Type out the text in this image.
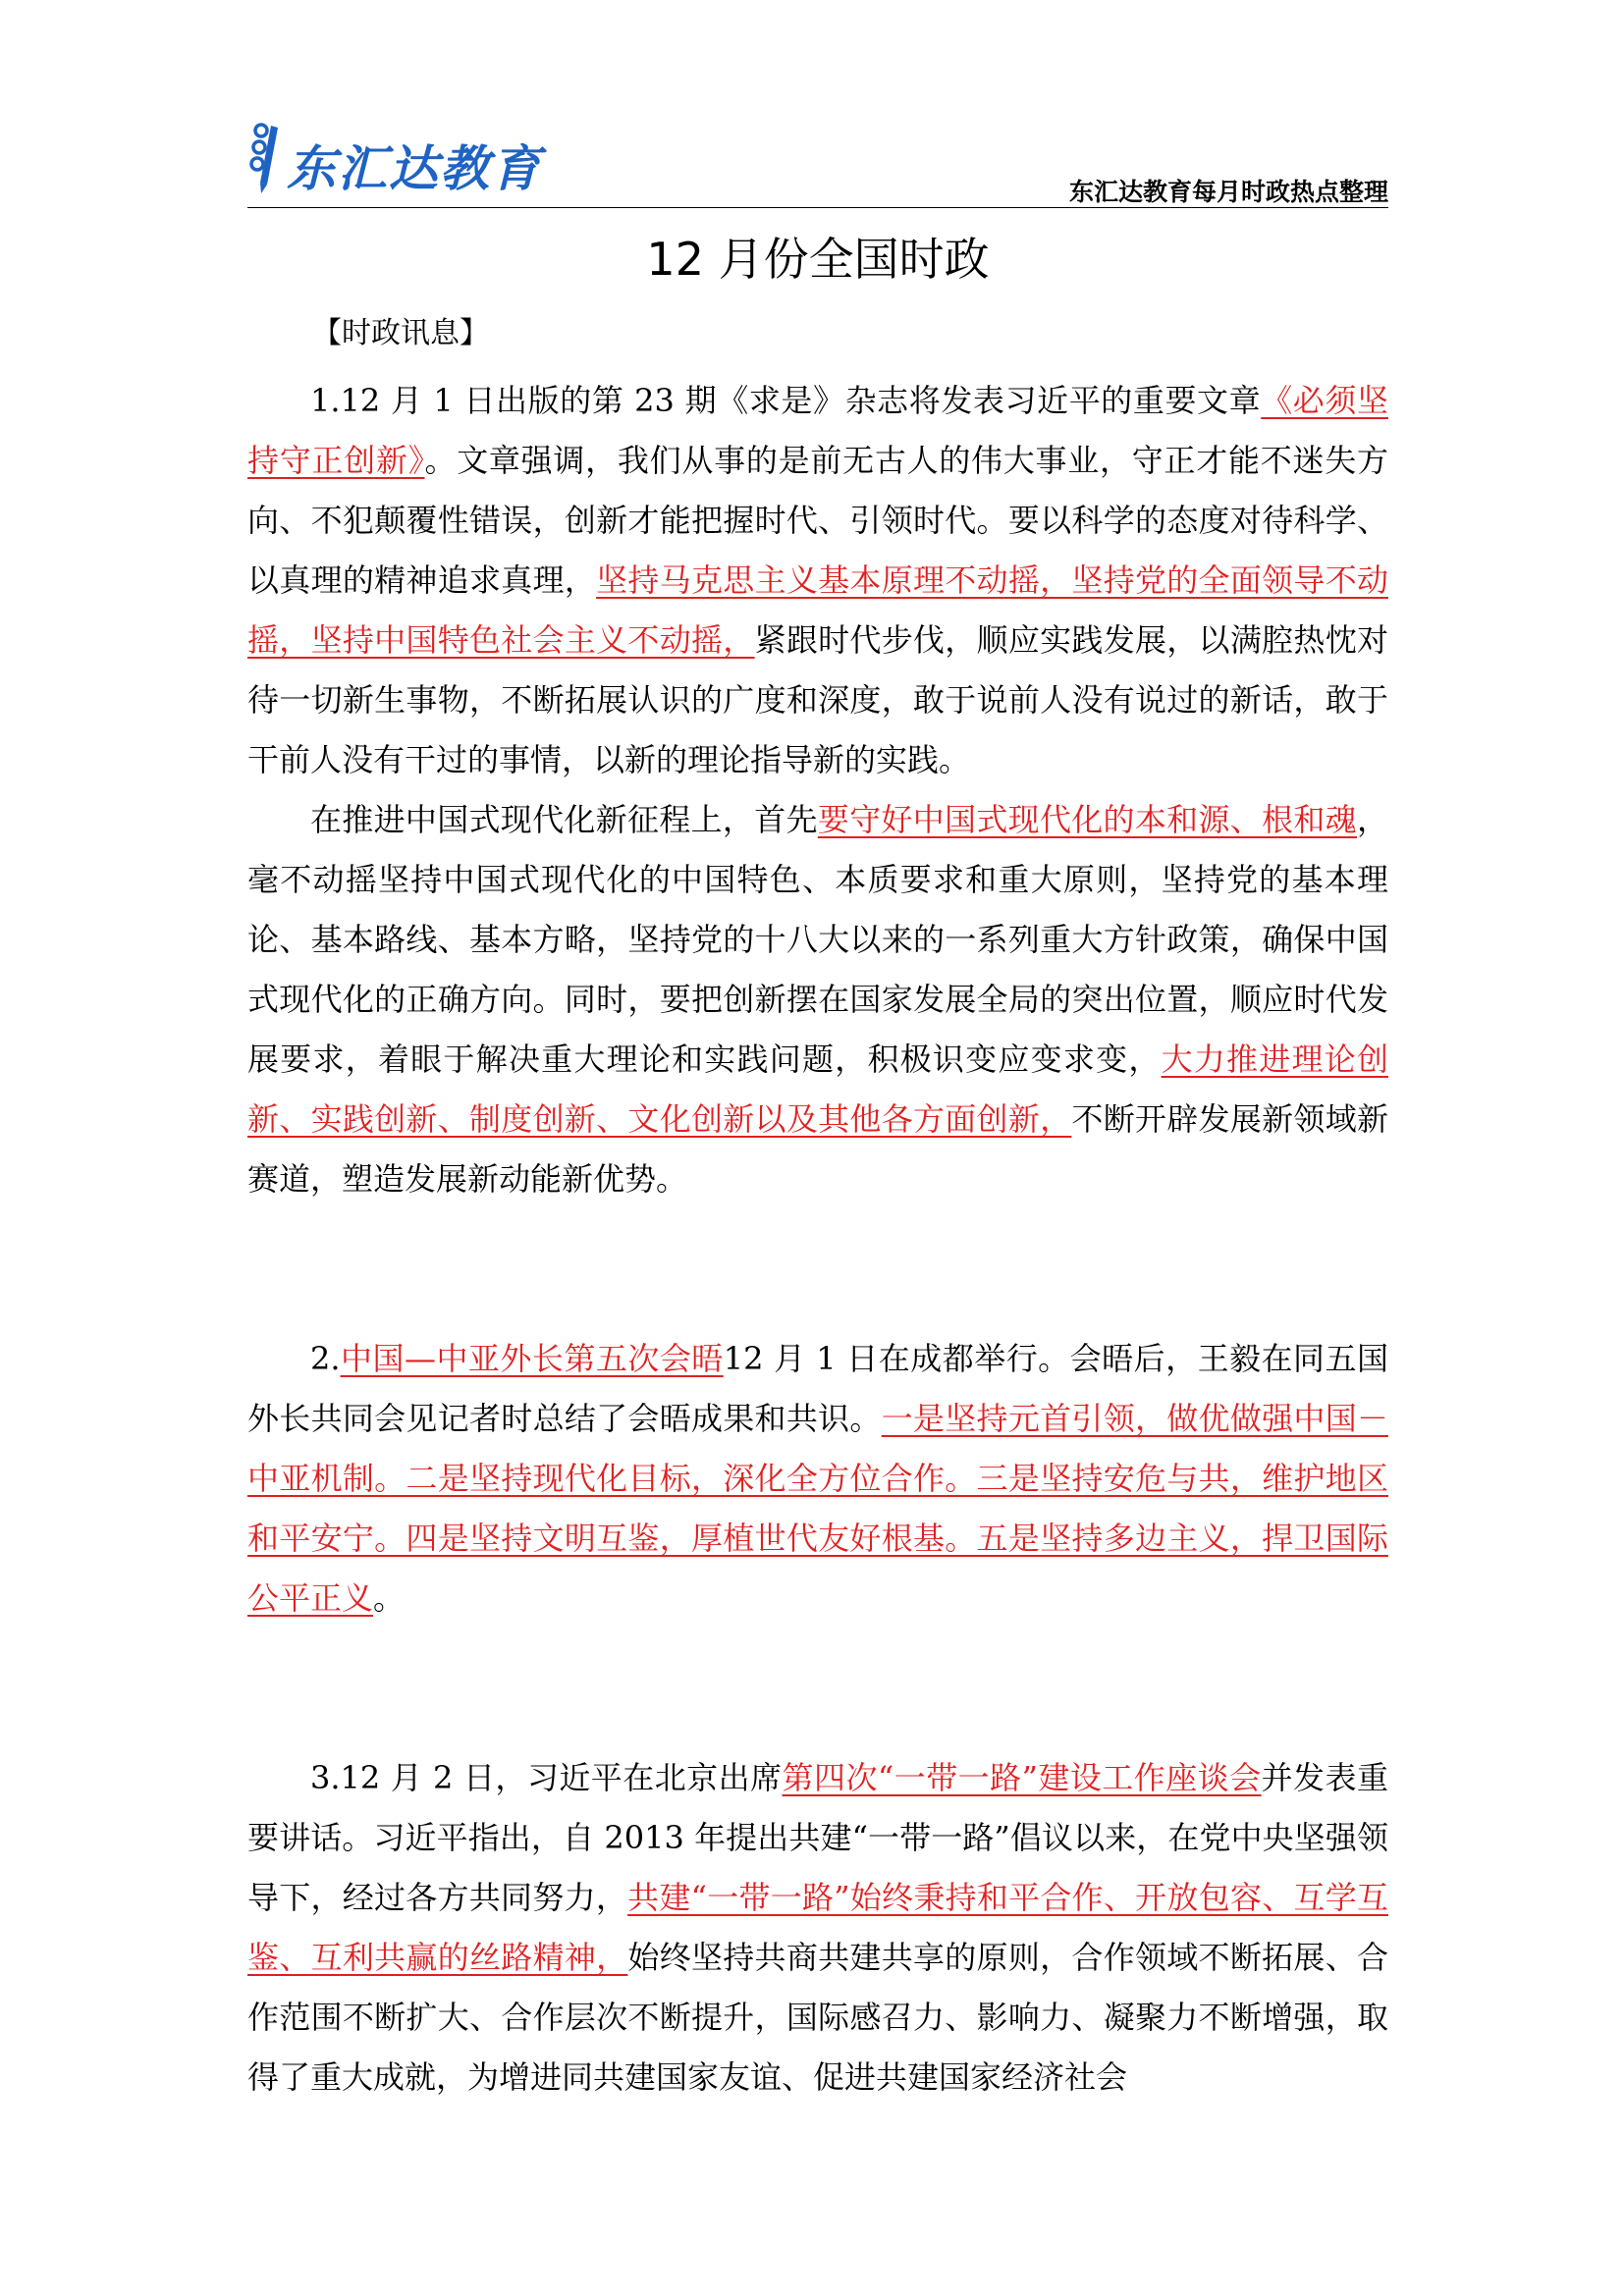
东汇达教育	东汇达教育每月时政热点整理
12 月份全国时政
【时政讯息】

1.12 月 1 日出版的第 23 期《求是》杂志将发表习近平的重要文章《必须坚持守正创新》。文章强调，我们从事的是前无古人的伟大事业，守正才能不迷失方向、不犯颠覆性错误，创新才能把握时代、引领时代。要以科学的态度对待科学、以真理的精神追求真理，坚持马克思主义基本原理不动摇，坚持党的全面领导不动摇，坚持中国特色社会主义不动摇，紧跟时代步伐，顺应实践发展，以满腔热忱对待一切新生事物，不断拓展认识的广度和深度，敢于说前人没有说过的新话，敢于干前人没有干过的事情，以新的理论指导新的实践。

在推进中国式现代化新征程上，首先要守好中国式现代化的本和源、根和魂，毫不动摇坚持中国式现代化的中国特色、本质要求和重大原则，坚持党的基本理论、基本路线、基本方略，坚持党的十八大以来的一系列重大方针政策，确保中国式现代化的正确方向。同时，要把创新摆在国家发展全局的突出位置，顺应时代发展要求，着眼于解决重大理论和实践问题，积极识变应变求变，大力推进理论创新、实践创新、制度创新、文化创新以及其他各方面创新，不断开辟发展新领域新赛道，塑造发展新动能新优势。

2.中国—中亚外长第五次会晤12 月 1 日在成都举行。会晤后，王毅在同五国外长共同会见记者时总结了会晤成果和共识。一是坚持元首引领，做优做强中国－中亚机制。二是坚持现代化目标，深化全方位合作。三是坚持安危与共，维护地区和平安宁。四是坚持文明互鉴，厚植世代友好根基。五是坚持多边主义，捍卫国际公平正义。

3.12 月 2 日，习近平在北京出席第四次“一带一路”建设工作座谈会并发表重要讲话。习近平指出，自 2013 年提出共建“一带一路”倡议以来，在党中央坚强领导下，经过各方共同努力，共建“一带一路”始终秉持和平合作、开放包容、互学互鉴、互利共赢的丝路精神，始终坚持共商共建共享的原则，合作领域不断拓展、合作范围不断扩大、合作层次不断提升，国际感召力、影响力、凝聚力不断增强，取得了重大成就，为增进同共建国家友谊、促进共建国家经济社会
